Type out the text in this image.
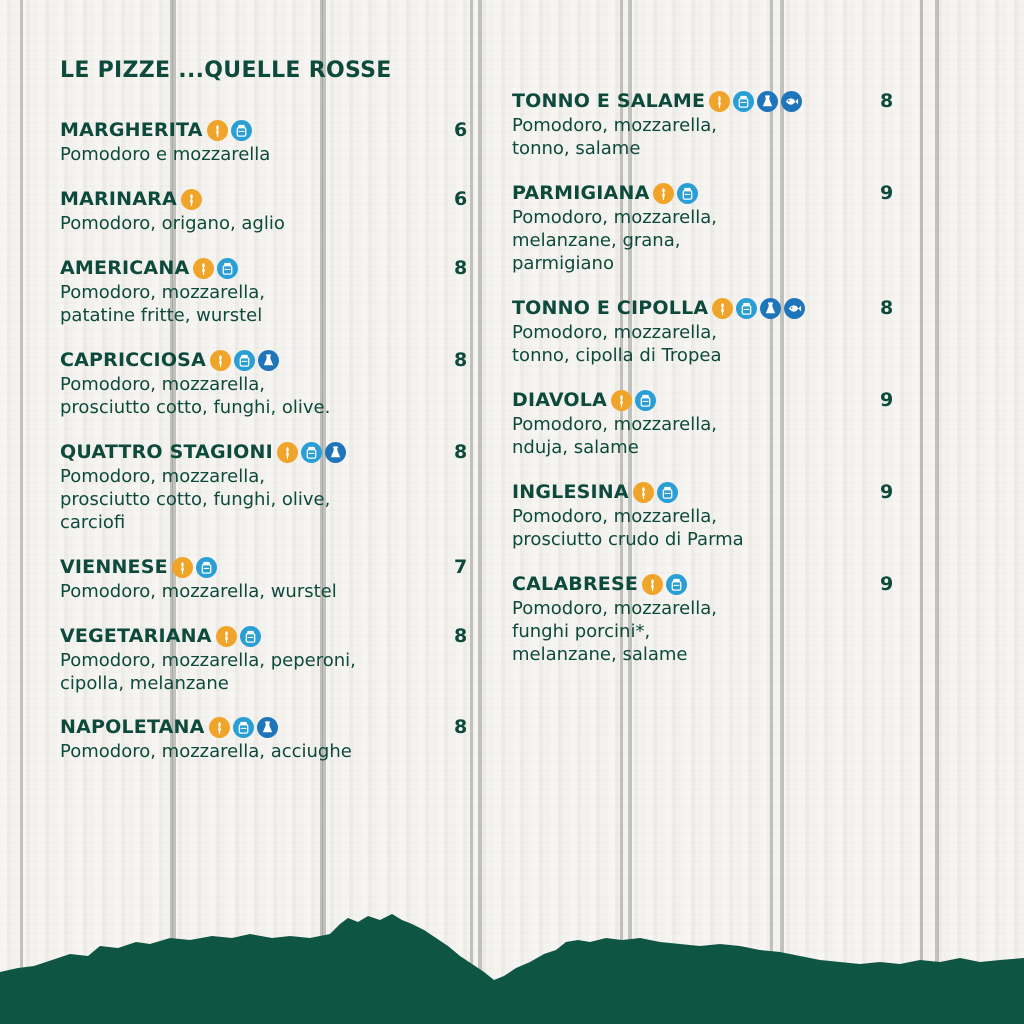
LE PIZZE ...QUELLE ROSSE
MARGHERITA	6
Pomodoro e mozzarella
MARINARA	6
Pomodoro, origano, aglio
AMERICANA	8
Pomodoro, mozzarella,
patatine fritte, wurstel
CAPRICCIOSA	8
Pomodoro, mozzarella,
prosciutto cotto, funghi, olive.
QUATTRO STAGIONI	8
Pomodoro, mozzarella,
prosciutto cotto, funghi, olive,
carciofi
VIENNESE	7
Pomodoro, mozzarella, wurstel
VEGETARIANA	8
Pomodoro, mozzarella, peperoni,
cipolla, melanzane
NAPOLETANA	8
Pomodoro, mozzarella, acciughe
TONNO E SALAME	8
Pomodoro, mozzarella,
tonno, salame
PARMIGIANA	9
Pomodoro, mozzarella,
melanzane, grana,
parmigiano
TONNO E CIPOLLA	8
Pomodoro, mozzarella,
tonno, cipolla di Tropea
DIAVOLA	9
Pomodoro, mozzarella,
nduja, salame
INGLESINA	9
Pomodoro, mozzarella,
prosciutto crudo di Parma
CALABRESE	9
Pomodoro, mozzarella,
funghi porcini*,
melanzane, salame
